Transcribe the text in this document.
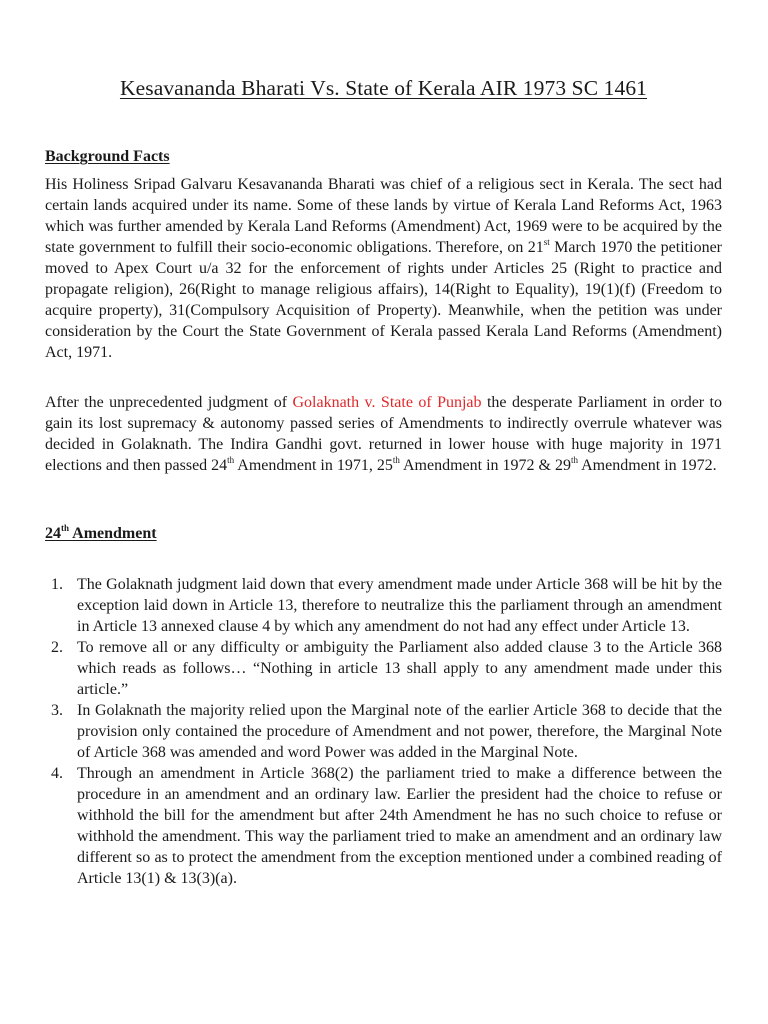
Kesavananda Bharati Vs. State of Kerala AIR 1973 SC 1461
Background Facts
His Holiness Sripad Galvaru Kesavananda Bharati was chief of a religious sect in Kerala. The sect had certain lands acquired under its name. Some of these lands by virtue of Kerala Land Reforms Act, 1963 which was further amended by Kerala Land Reforms (Amendment) Act, 1969 were to be acquired by the state government to fulfill their socio-economic obligations. Therefore, on 21st March 1970 the petitioner moved to Apex Court u/a 32 for the enforcement of rights under Articles 25 (Right to practice and propagate religion), 26(Right to manage religious affairs), 14(Right to Equality), 19(1)(f) (Freedom to acquire property), 31(Compulsory Acquisition of Property). Meanwhile, when the petition was under consideration by the Court the State Government of Kerala passed Kerala Land Reforms (Amendment) Act, 1971.
After the unprecedented judgment of Golaknath v. State of Punjab the desperate Parliament in order to gain its lost supremacy & autonomy passed series of Amendments to indirectly overrule whatever was decided in Golaknath. The Indira Gandhi govt. returned in lower house with huge majority in 1971 elections and then passed 24th Amendment in 1971, 25th Amendment in 1972 & 29th Amendment in 1972.
24th Amendment
1. The Golaknath judgment laid down that every amendment made under Article 368 will be hit by the exception laid down in Article 13, therefore to neutralize this the parliament through an amendment in Article 13 annexed clause 4 by which any amendment do not had any effect under Article 13.
2. To remove all or any difficulty or ambiguity the Parliament also added clause 3 to the Article 368 which reads as follows… “Nothing in article 13 shall apply to any amendment made under this article.”
3. In Golaknath the majority relied upon the Marginal note of the earlier Article 368 to decide that the provision only contained the procedure of Amendment and not power, therefore, the Marginal Note of Article 368 was amended and word Power was added in the Marginal Note.
4. Through an amendment in Article 368(2) the parliament tried to make a difference between the procedure in an amendment and an ordinary law. Earlier the president had the choice to refuse or withhold the bill for the amendment but after 24th Amendment he has no such choice to refuse or withhold the amendment. This way the parliament tried to make an amendment and an ordinary law different so as to protect the amendment from the exception mentioned under a combined reading of Article 13(1) & 13(3)(a).
